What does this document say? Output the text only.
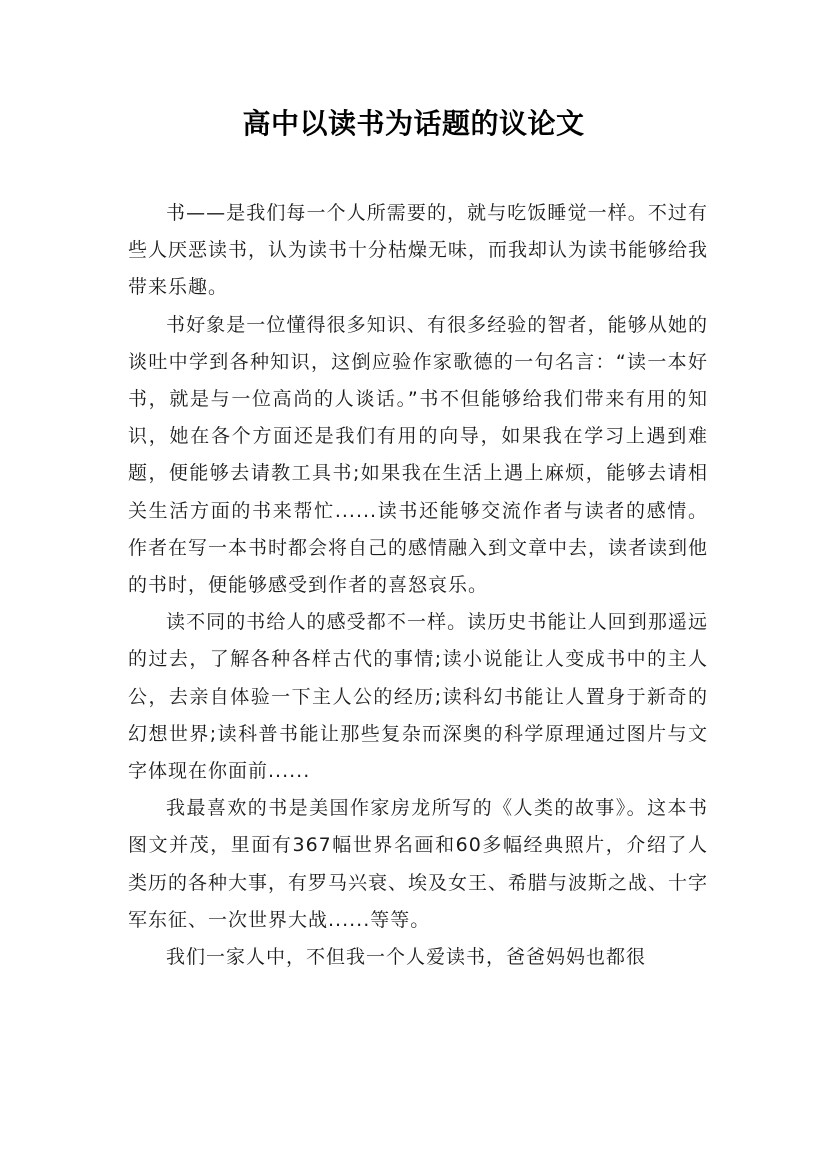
高中以读书为话题的议论文

书——是我们每一个人所需要的，就与吃饭睡觉一样。不过有些人厌恶读书，认为读书十分枯燥无味，而我却认为读书能够给我带来乐趣。

书好象是一位懂得很多知识、有很多经验的智者，能够从她的谈吐中学到各种知识，这倒应验作家歌德的一句名言：“读一本好书，就是与一位高尚的人谈话。”书不但能够给我们带来有用的知识，她在各个方面还是我们有用的向导，如果我在学习上遇到难题，便能够去请教工具书;如果我在生活上遇上麻烦，能够去请相关生活方面的书来帮忙......读书还能够交流作者与读者的感情。作者在写一本书时都会将自己的感情融入到文章中去，读者读到他的书时，便能够感受到作者的喜怒哀乐。

读不同的书给人的感受都不一样。读历史书能让人回到那遥远的过去，了解各种各样古代的事情;读小说能让人变成书中的主人公，去亲自体验一下主人公的经历;读科幻书能让人置身于新奇的幻想世界;读科普书能让那些复杂而深奥的科学原理通过图片与文字体现在你面前......

我最喜欢的书是美国作家房龙所写的《人类的故事》。这本书图文并茂，里面有367幅世界名画和60多幅经典照片，介绍了人类历的各种大事，有罗马兴衰、埃及女王、希腊与波斯之战、十字军东征、一次世界大战......等等。

我们一家人中，不但我一个人爱读书，爸爸妈妈也都很
